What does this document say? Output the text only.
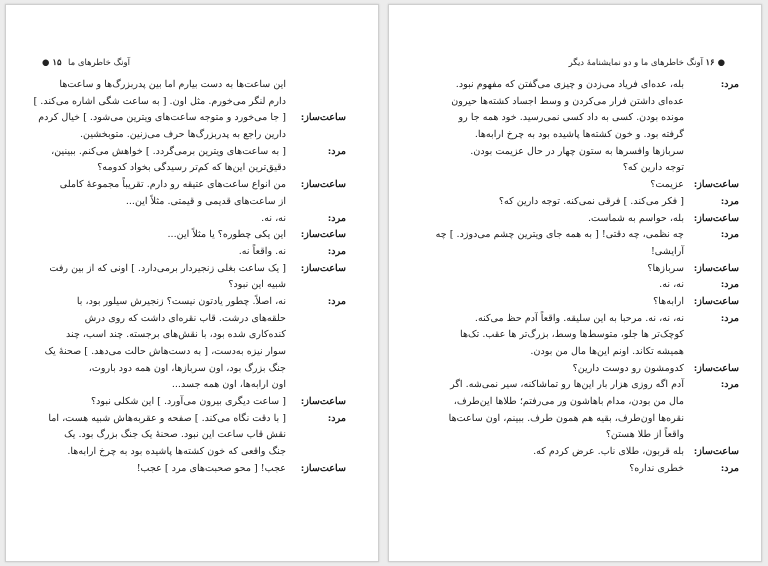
آونگ خاطرهای ما
۱۵ ●
این ساعت‌ها به دست بیارم اما بین پدربزرگ‌ها و ساعت‌ها
دارم لنگر می‌خورم. مثل اون. [ به ساعت شگی اشاره می‌کند. ]
ساعت‌ساز:
[ جا می‌خورد و متوجه ساعت‌های ویترین می‌شود. ] خیال کردم
دارین راجع به پدربزرگ‌ها حرف می‌زنین. متوبخشین.
مرد:
[ به ساعت‌های ویترین برمی‌گردد. ] خواهش می‌کنم. ببینین،
دقیق‌ترین این‌ها که کم‌تر رسیدگی بخواد کدومه؟
ساعت‌ساز:
من انواع ساعت‌های عتیقه رو دارم. تقریباً مجموعهٔ کاملی
از ساعت‌های قدیمی و قیمتی. مثلاً این...
مرد:
نه، نه.
ساعت‌ساز:
این یکی چطوره؟ یا مثلاً این...
مرد:
نه. واقعاً نه.
ساعت‌ساز:
[ یک ساعت بغلی زنجیردار برمی‌دارد. ] اونی که از بین رفت
شبیه این نبود؟
مرد:
نه، اصلاً. چطور یادتون نیست؟ زنجیرش سیلور بود، با
حلقه‌های درشت. قاب نقره‌ای داشت که روی درش
کنده‌کاری شده بود، با نقش‌های برجسته. چند اسب، چند
سوار نیزه به‌دست، [ به دست‌هاش حالت می‌دهد. ] صحنهٔ یک
جنگ بزرگ بود، اون سربازها، اون همه دود باروت،
اون ارابه‌ها، اون همه جسد...
ساعت‌ساز:
[ ساعت دیگری بیرون می‌آورد. ] این شکلی نبود؟
مرد:
[ با دقت نگاه می‌کند. ] صفحه و عقربه‌هاش شبیه هست، اما
نقش قاب ساعت این نبود. صحنهٔ یک جنگ بزرگ بود. یک
جنگ واقعی که خون کشته‌ها پاشیده بود به چرخ ارابه‌ها.
ساعت‌ساز:
عجب! [ محو صحبت‌های مرد ] عجب!
آونگ خاطرهای ما و دو نمایشنامهٔ دیگر ● ۱۶
مرد:
بله، عده‌ای فریاد می‌زدن و چیزی می‌گفتن که مفهوم نبود.
عده‌ای داشتن فرار می‌کردن و وسط اجساد کشته‌ها حیرون
مونده بودن. کسی به داد کسی نمی‌رسید. خود همه جا رو
گرفته بود. و خون کشته‌ها پاشیده بود به چرخ ارابه‌ها.
سربازها وافسرها به ستون چهار در حال عزیمت بودن.
توجه دارین که؟
ساعت‌ساز:
عزیمت؟
مرد:
[ فکر می‌کند. ] فرقی نمی‌کنه. توجه دارین که؟
ساعت‌ساز:
بله، حواسم به شماست.
مرد:
چه نظمی، چه دقتی! [ به همه جای ویترین چشم می‌دوزد. ] چه
آرایشی!
ساعت‌ساز:
سربازها؟
مرد:
نه، نه.
ساعت‌ساز:
ارابه‌ها؟
مرد:
نه، نه، نه. مرحبا به این سلیقه. واقعاً آدم حظ می‌کنه.
کوچک‌تر ها جلو، متوسط‌ها وسط، بزرگ‌تر ها عقب. تک‌ها
همیشه تکاند. اونم این‌ها مال من بودن.
ساعت‌ساز:
کدومشون رو دوست دارین؟
مرد:
آدم اگه روزی هزار بار این‌ها رو تماشاکنه، سیر نمی‌شه. اگر
مال من بودن، مدام باهاشون ور می‌رفتم؛ طلاها این‌طرف،
نقره‌ها اون‌طرف، بقیه هم همون طرف. ببینم، اون ساعت‌ها
واقعاً از طلا هستن؟
ساعت‌ساز:
بله قربون، طلای ناب. عرض کردم که.
مرد:
خطری نداره؟
